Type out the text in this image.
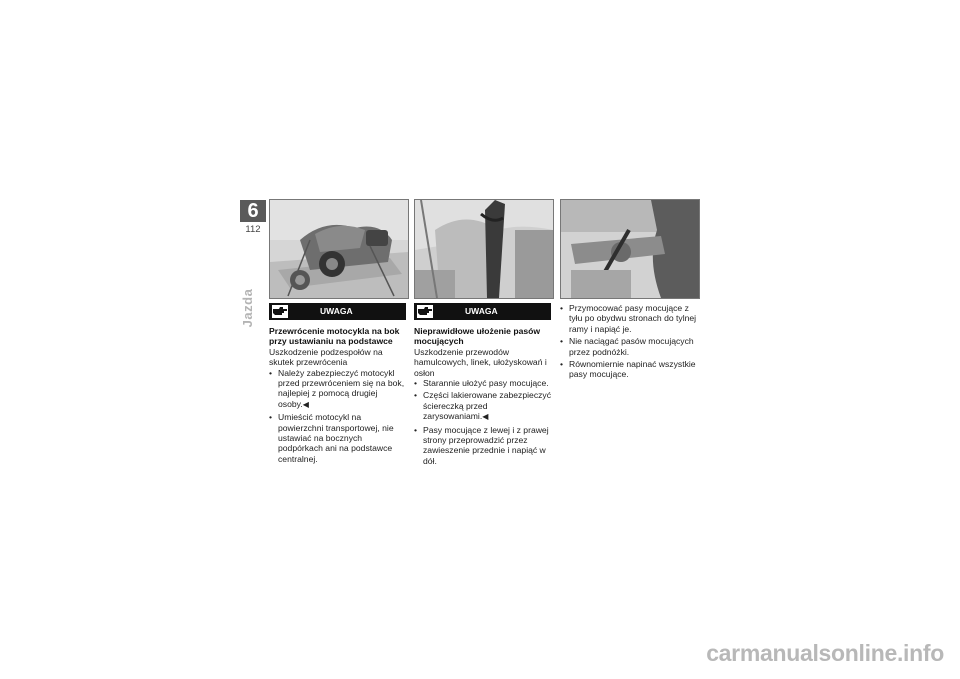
6
112
Jazda	UWAGA	UWAGA

Przewrócenie motocykla na bok przy ustawianiu na podstawce

Uszkodzenie podzespołów na skutek przewrócenia

• Należy zabezpieczyć motocykl przed przewróceniem się na bok, najlepiej z pomocą drugiej osoby.◀
• Umieścić motocykl na powierzchni transportowej, nie ustawiać na bocznych podpórkach ani na podstawce centralnej.

Nieprawidłowe ułożenie pasów mocujących

Uszkodzenie przewodów hamulcowych, linek, ułożyskowań i osłon

• Starannie ułożyć pasy mocujące.
• Części lakierowane zabezpieczyć ściereczką przed zarysowaniami.◀
• Pasy mocujące z lewej i z prawej strony przeprowadzić przez zawieszenie przednie i napiąć w dół.
• Przymocować pasy mocujące z tyłu po obydwu stronach do tylnej ramy i napiąć je.
• Nie naciągać pasów mocujących przez podnóżki.
• Równomiernie napinać wszystkie pasy mocujące.
carmanualsonline.info
